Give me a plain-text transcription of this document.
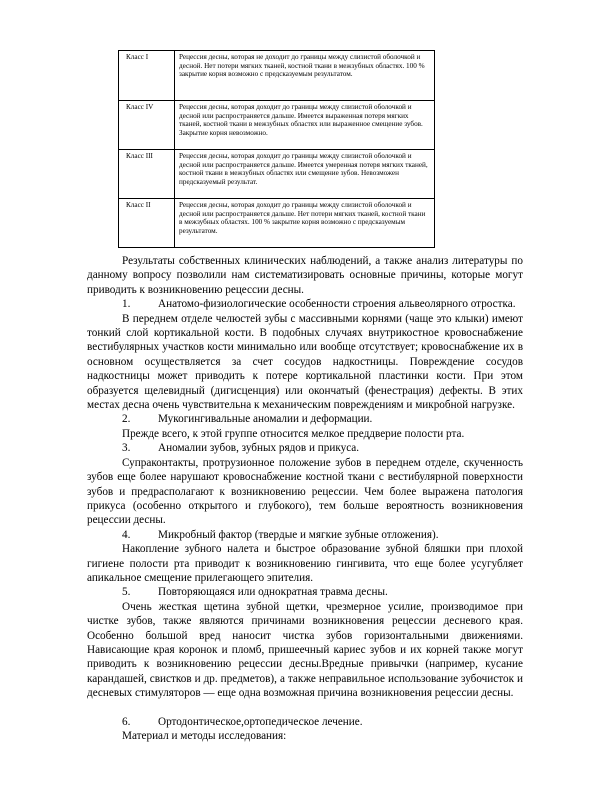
Класс I	Рецессия десны, которая не доходит до границы между слизистой оболочкой и десной. Нет потери мягких тканей, костной ткани в межзубных областях. 100 % закрытие корня возможно с предсказуемым результатом.
Класс IV	Рецессия десны, которая доходит до границы между слизистой оболочкой и десной или распространяется дальше. Имеется выраженная потеря мягких тканей, костной ткани в межзубных областях или выраженное смещение зубов. Закрытие корня невозможно.
Класс III	Рецессия десны, которая доходит до границы между слизистой оболочкой и десной или распространяется дальше. Имеется умеренная потеря мягких тканей, костной ткани в межзубных областях или смещение зубов. Невозможен предсказуемый результат.
Класс II	Рецессия десны, которая доходит до границы между слизистой оболочкой и десной или распространяется дальше. Нет потери мягких тканей, костной ткани в межзубных областях. 100 % закрытие корня возможно с предсказуемым результатом.

Результаты собственных клинических наблюдений, а также анализ литературы по данному вопросу позволили нам систематизировать основные причины, которые могут приводить к возникновению рецессии десны.

1. Анатомо-физиологические особенности строения альвеолярного отростка.

В переднем отделе челюстей зубы с массивными корнями (чаще это клыки) имеют тонкий слой кортикальной кости. В подобных случаях внутрикостное кровоснабжение вестибулярных участков кости минимально или вообще отсутствует; кровоснабжение их в основном осуществляется за счет сосудов надкостницы. Повреждение сосудов надкостницы может приводить к потере кортикальной пластинки кости. При этом образуется щелевидный (дигисценция) или окончатый (фенестрация) дефекты. В этих местах десна очень чувствительна к механическим повреждениям и микробной нагрузке.

2. Мукогингивальные аномалии и деформации.

Прежде всего, к этой группе относится мелкое преддверие полости рта.

3. Аномалии зубов, зубных рядов и прикуса.

Супраконтакты, протрузионное положение зубов в переднем отделе, скученность зубов еще более нарушают кровоснабжение костной ткани с вестибулярной поверхности зубов и предрасполагают к возникновению рецессии. Чем более выражена патология прикуса (особенно открытого и глубокого), тем больше вероятность возникновения рецессии десны.

4. Микробный фактор (твердые и мягкие зубные отложения).

Накопление зубного налета и быстрое образование зубной бляшки при плохой гигиене полости рта приводит к возникновению гингивита, что еще более усугубляет апикальное смещение прилегающего эпителия.

5. Повторяющаяся или однократная травма десны.

Очень жесткая щетина зубной щетки, чрезмерное усилие, производимое при чистке зубов, также являются причинами возникновения рецессии десневого края. Особенно большой вред наносит чистка зубов горизонтальными движениями. Нависающие края коронок и пломб, пришеечный кариес зубов и их корней также могут приводить к возникновению рецессии десны.Вредные привычки (например, кусание карандашей, свистков и др. предметов), а также неправильное использование зубочисток и десневых стимуляторов — еще одна возможная причина возникновения рецессии десны.

6. Ортодонтическое,ортопедическое лечение.

Материал и методы исследования:
